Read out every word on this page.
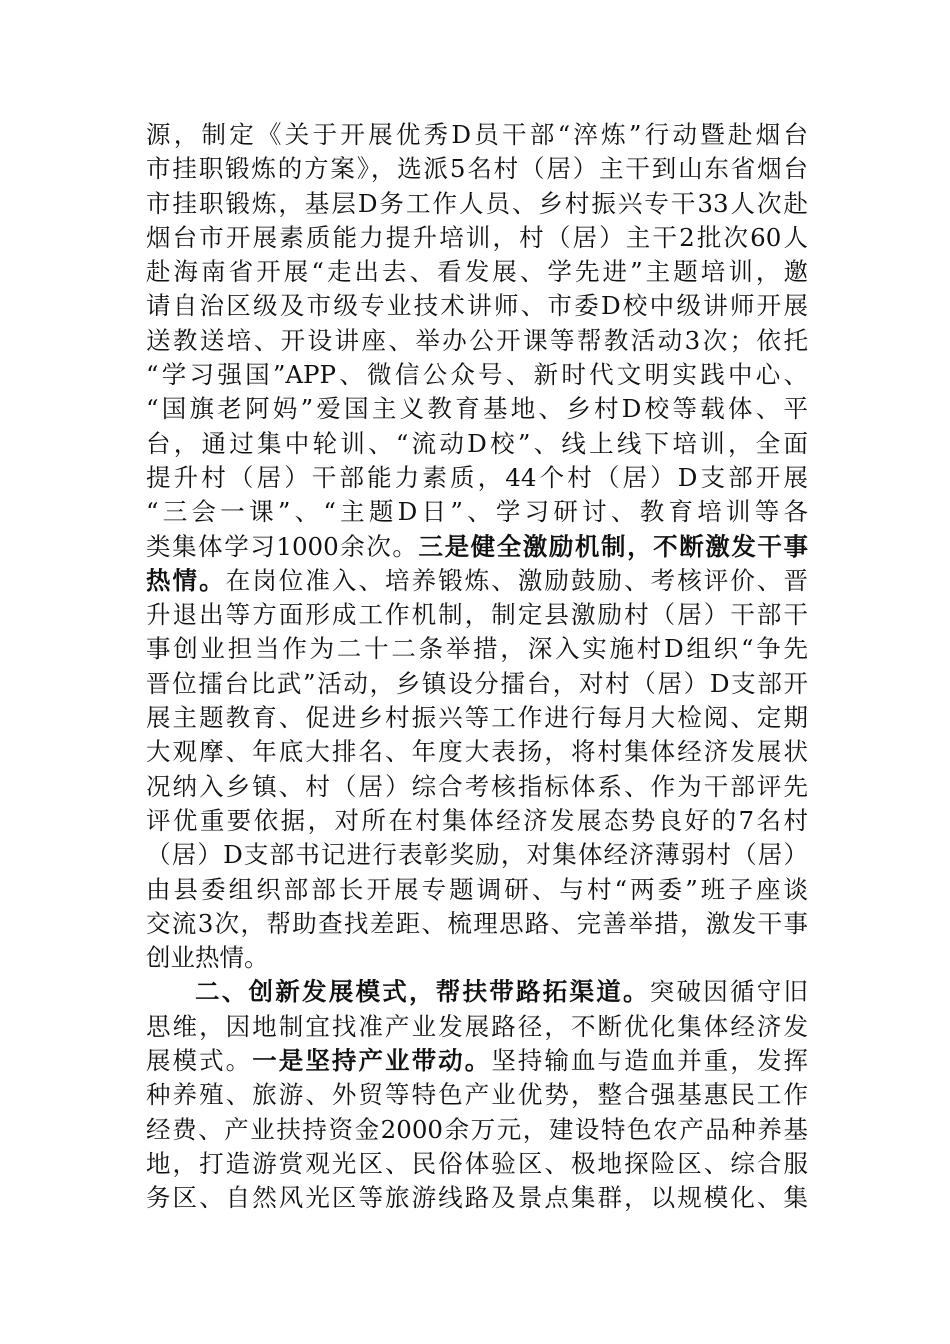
源，制定《关于开展优秀D员干部“淬炼”行动暨赴烟台
市挂职锻炼的方案》，选派5名村（居）主干到山东省烟台
市挂职锻炼，基层D务工作人员、乡村振兴专干33人次赴
烟台市开展素质能力提升培训，村（居）主干2批次60人
赴海南省开展“走出去、看发展、学先进”主题培训，邀
请自治区级及市级专业技术讲师、市委D校中级讲师开展
送教送培、开设讲座、举办公开课等帮教活动3次；依托
“学习强国”APP、微信公众号、新时代文明实践中心、
“国旗老阿妈”爱国主义教育基地、乡村D校等载体、平
台，通过集中轮训、“流动D校”、线上线下培训，全面
提升村（居）干部能力素质，44个村（居）D支部开展
“三会一课”、“主题D日”、学习研讨、教育培训等各
类集体学习1000余次。三是健全激励机制，不断激发干事
热情。在岗位准入、培养锻炼、激励鼓励、考核评价、晋
升退出等方面形成工作机制，制定县激励村（居）干部干
事创业担当作为二十二条举措，深入实施村D组织“争先
晋位擂台比武”活动，乡镇设分擂台，对村（居）D支部开
展主题教育、促进乡村振兴等工作进行每月大检阅、定期
大观摩、年底大排名、年度大表扬，将村集体经济发展状
况纳入乡镇、村（居）综合考核指标体系、作为干部评先
评优重要依据，对所在村集体经济发展态势良好的7名村
（居）D支部书记进行表彰奖励，对集体经济薄弱村（居）
由县委组织部部长开展专题调研、与村“两委”班子座谈
交流3次，帮助查找差距、梳理思路、完善举措，激发干事
创业热情。
二、创新发展模式，帮扶带路拓渠道。突破因循守旧
思维，因地制宜找准产业发展路径，不断优化集体经济发
展模式。一是坚持产业带动。坚持输血与造血并重，发挥
种养殖、旅游、外贸等特色产业优势，整合强基惠民工作
经费、产业扶持资金2000余万元，建设特色农产品种养基
地，打造游赏观光区、民俗体验区、极地探险区、综合服
务区、自然风光区等旅游线路及景点集群，以规模化、集
